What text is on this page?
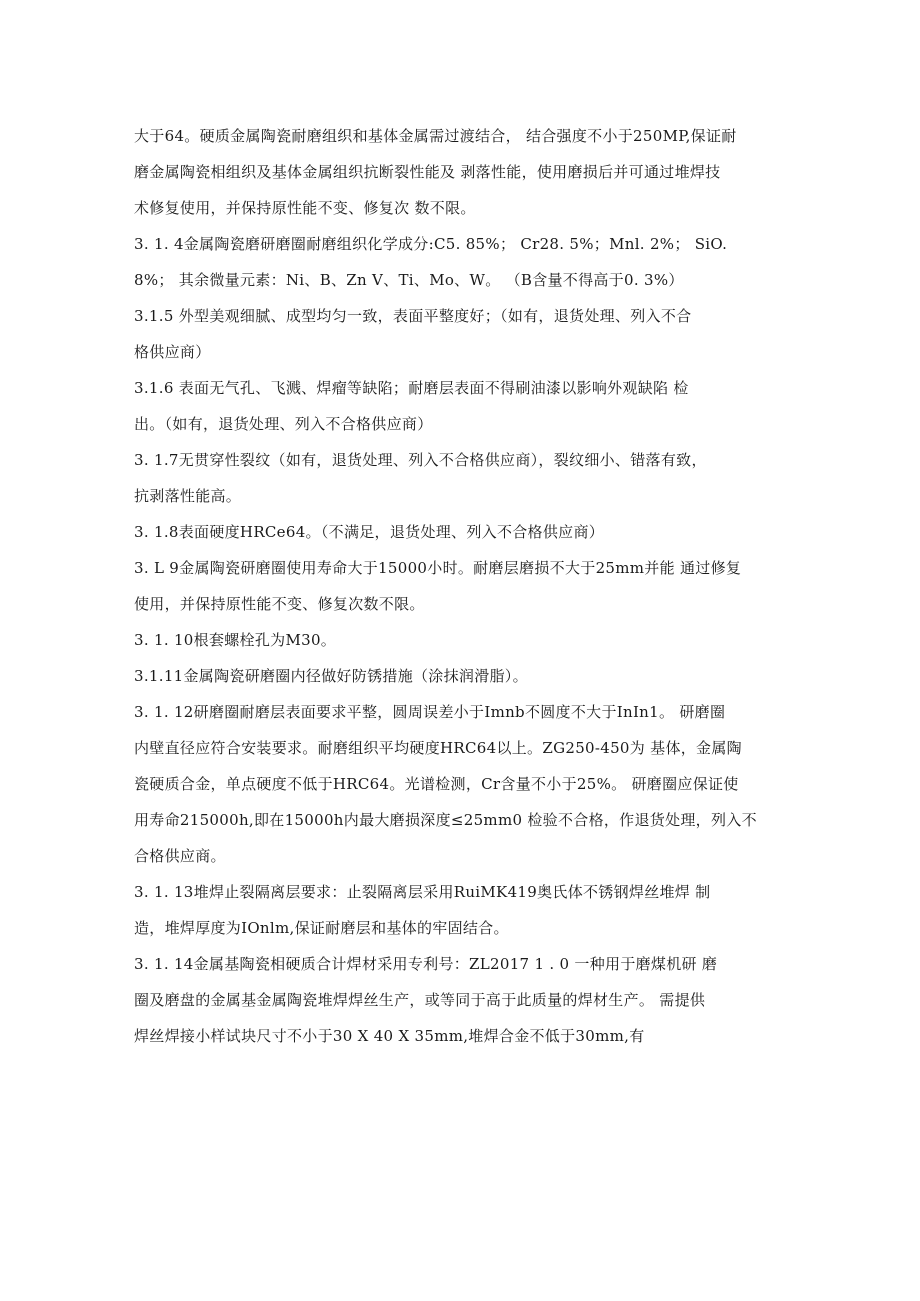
大于64。硬质金属陶瓷耐磨组织和基体金属需过渡结合， 结合强度不小于250MP,保证耐
磨金属陶瓷相组织及基体金属组织抗断裂性能及 剥落性能，使用磨损后并可通过堆焊技
术修复使用，并保持原性能不变、修复次 数不限。
3. 1. 4金属陶瓷磨研磨圈耐磨组织化学成分:C5. 85%； Cr28. 5%；Mnl. 2%； SiO.
8%； 其余微量元素：Ni、B、Zn V、Ti、Mo、W。 （B含量不得高于0. 3%）
3.1.5 外型美观细腻、成型均匀一致，表面平整度好；（如有，退货处理、列入不合
格供应商）
3.1.6 表面无气孔、飞溅、焊瘤等缺陷；耐磨层表面不得刷油漆以影响外观缺陷 检
出。（如有，退货处理、列入不合格供应商）
3. 1.7无贯穿性裂纹（如有，退货处理、列入不合格供应商），裂纹细小、错落有致，
抗剥落性能高。
3. 1.8表面硬度HRCe64。（不满足，退货处理、列入不合格供应商）
3. L 9金属陶瓷研磨圈使用寿命大于15000小时。耐磨层磨损不大于25mm并能 通过修复
使用，并保持原性能不变、修复次数不限。
3. 1. 10根套螺栓孔为M30。
3.1.11金属陶瓷研磨圈内径做好防锈措施（涂抹润滑脂）。
3. 1. 12研磨圈耐磨层表面要求平整，圆周误差小于Imnb不圆度不大于InIn1。 研磨圈
内壁直径应符合安装要求。耐磨组织平均硬度HRC64以上。ZG250-450为 基体，金属陶
瓷硬质合金，单点硬度不低于HRC64。光谱检测，Cr含量不小于25%。 研磨圈应保证使
用寿命215000h,即在15000h内最大磨损深度≤25mm0 检验不合格，作退货处理，列入不
合格供应商。
3. 1. 13堆焊止裂隔离层要求：止裂隔离层采用RuiMK419奥氏体不锈钢焊丝堆焊 制
造，堆焊厚度为IOnlm,保证耐磨层和基体的牢固结合。
3. 1. 14金属基陶瓷相硬质合计焊材采用专利号：ZL2017 1 . 0 一种用于磨煤机研 磨
圈及磨盘的金属基金属陶瓷堆焊焊丝生产，或等同于高于此质量的焊材生产。 需提供
焊丝焊接小样试块尺寸不小于30 X 40 X 35mm,堆焊合金不低于30mm,有
